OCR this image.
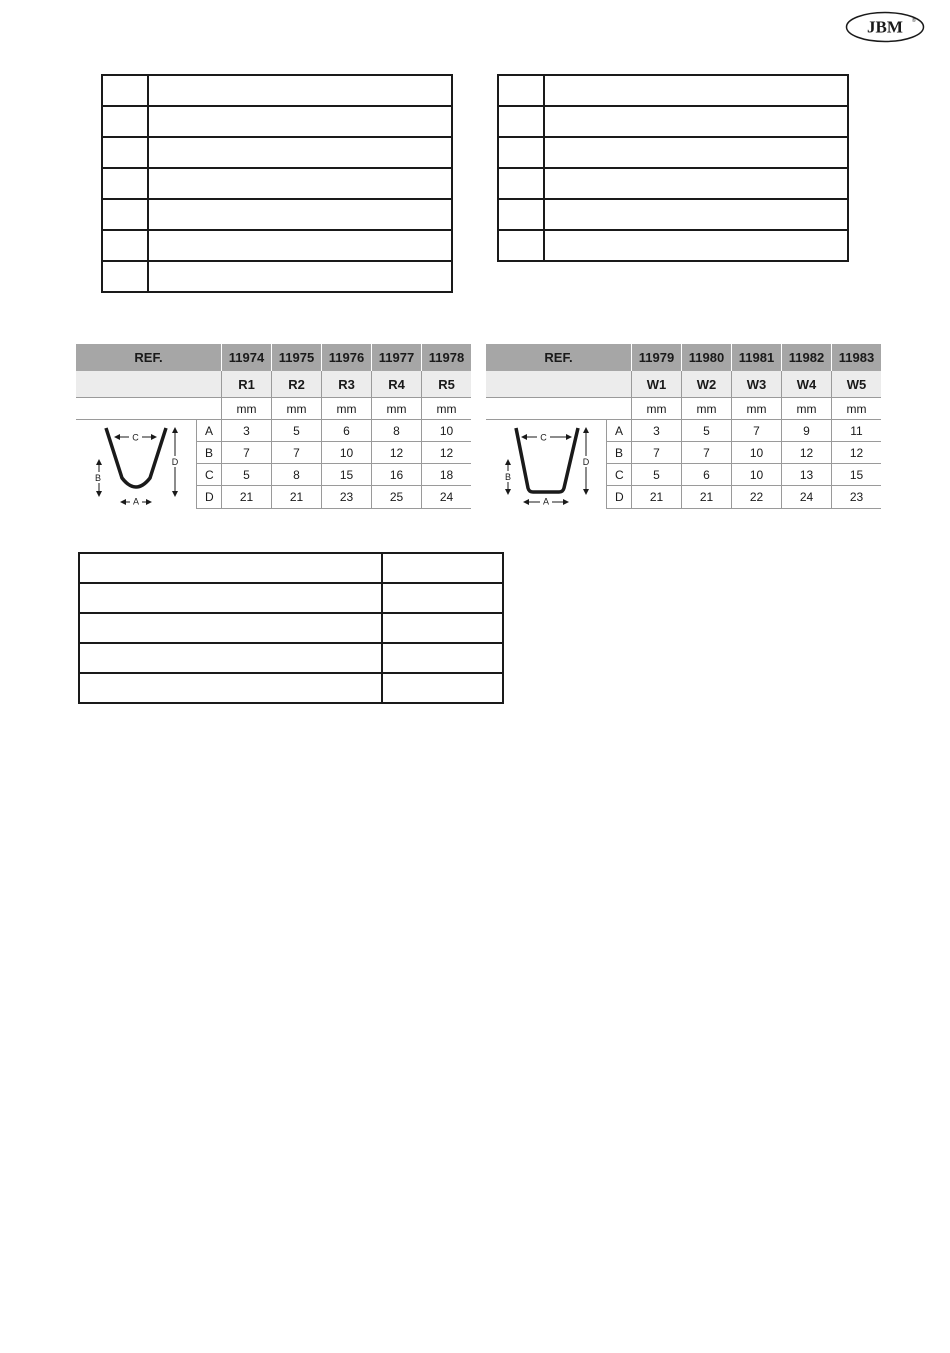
JBM ®

REF.		11974	11975	11976	11977	11978
		R1	R2	R3	R4	R5
		mm	mm	mm	mm	mm

C
D
B
A	A	3	5	6	8	10
	B	7	7	10	12	12
	C	5	8	15	16	18
	D	21	21	23	25	24
REF.		11979	11980	11981	11982	11983
		W1	W2	W3	W4	W5
		mm	mm	mm	mm	mm

C
D
B
A	A	3	5	7	9	11
	B	7	7	10	12	12
	C	5	6	10	13	15
	D	21	21	22	24	23
